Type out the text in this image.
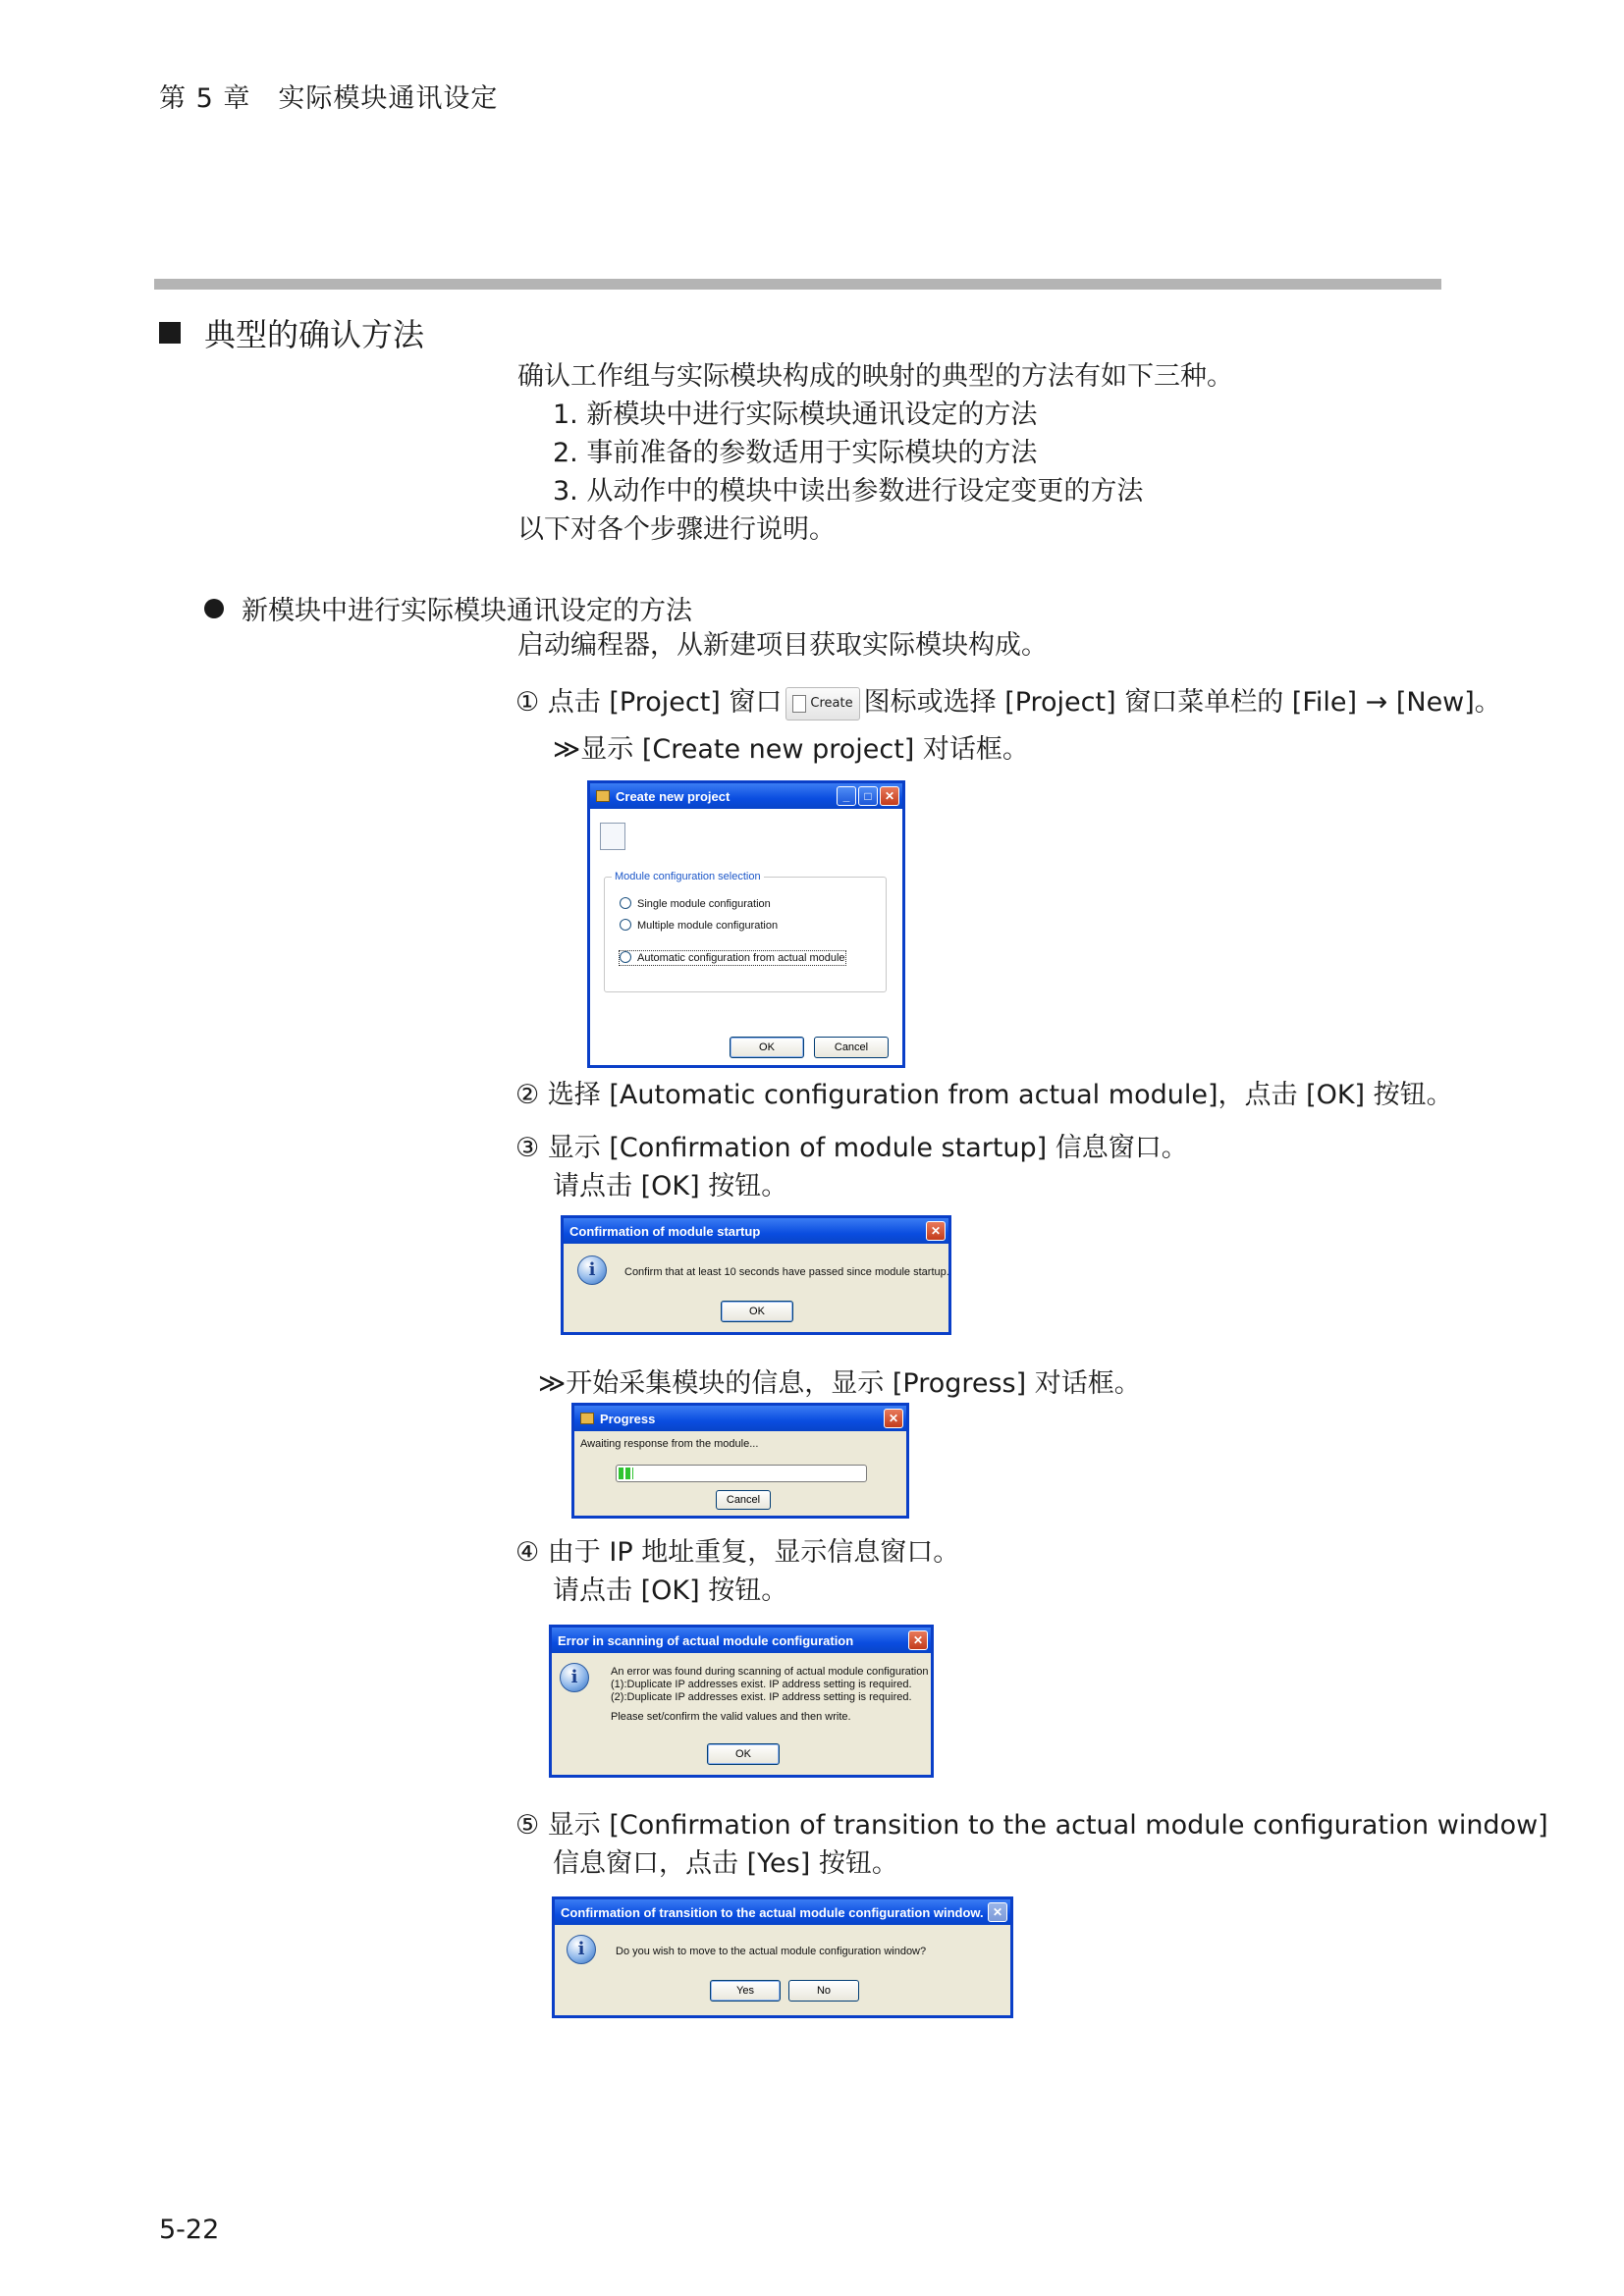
第 5 章 实际模块通讯设定
典型的确认方法
确认工作组与实际模块构成的映射的典型的方法有如下三种。
1. 新模块中进行实际模块通讯设定的方法
2. 事前准备的参数适用于实际模块的方法
3. 从动作中的模块中读出参数进行设定变更的方法
以下对各个步骤进行说明。
新模块中进行实际模块通讯设定的方法
启动编程器，从新建项目获取实际模块构成。
① 点击 [Project] 窗口 Create 图标或选择 [Project] 窗口菜单栏的 [File] → [New]。
≫显示 [Create new project] 对话框。
Create new project	_	□	✕
Module configuration selection
Single module configuration
Multiple module configuration
Automatic configuration from actual module
OK	Cancel
② 选择 [Automatic configuration from actual module]，点击 [OK] 按钮。
③ 显示 [Confirmation of module startup] 信息窗口。
请点击 [OK] 按钮。
Confirmation of module startup	✕
i	Confirm that at least 10 seconds have passed since module startup.
OK
≫开始采集模块的信息，显示 [Progress] 对话框。
Progress	✕
Awaiting response from the module...
Cancel
④ 由于 IP 地址重复，显示信息窗口。
请点击 [OK] 按钮。
Error in scanning of actual module configuration	✕
i	An error was found during scanning of actual module configuration
(1):Duplicate IP addresses exist. IP address setting is required.
(2):Duplicate IP addresses exist. IP address setting is required.
Please set/confirm the valid values and then write.
OK
⑤ 显示 [Confirmation of transition to the actual module configuration window]
信息窗口，点击 [Yes] 按钮。
Confirmation of transition to the actual module configuration window. ✕
i	Do you wish to move to the actual module configuration window?
Yes	No
5-22
